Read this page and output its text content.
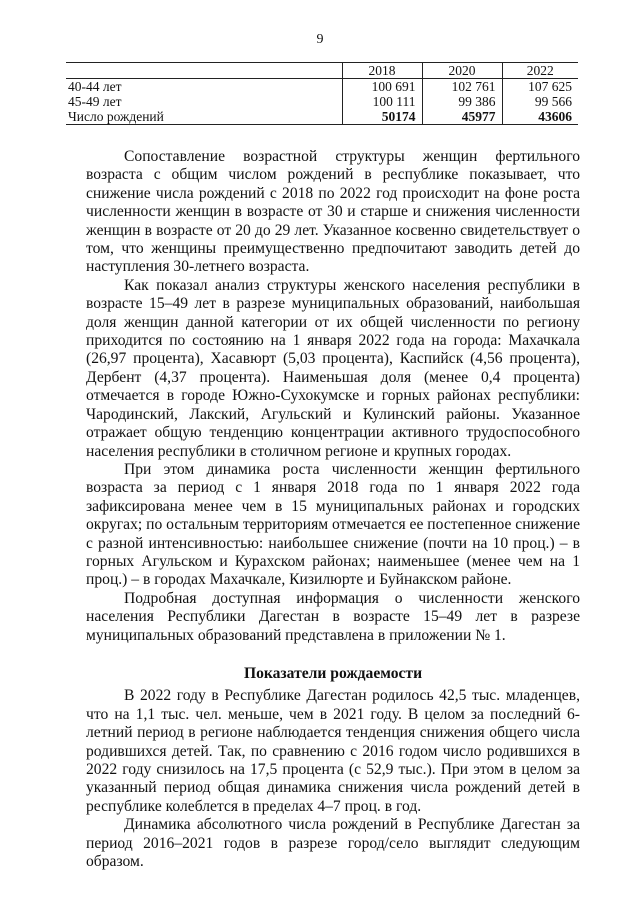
9
	2018	2020	2022
40-44 лет	100 691	102 761	107 625
45-49 лет	100 111	99 386	99 566
Число рождений	50174	45977	43606

Сопоставление возрастной структуры женщин фертильного возраста с общим числом рождений в республике показывает, что снижение числа рождений с 2018 по 2022 год происходит на фоне роста численности женщин в возрасте от 30 и старше и снижения численности женщин в возрасте от 20 до 29 лет. Указанное косвенно свидетельствует о том, что женщины преимущественно предпочитают заводить детей до наступления 30-летнего возраста.

Как показал анализ структуры женского населения республики в возрасте 15–49 лет в разрезе муниципальных образований, наибольшая доля женщин данной категории от их общей численности по региону приходится по состоянию на 1 января 2022 года на города: Махачкала (26,97 процента), Хасавюрт (5,03 процента), Каспийск (4,56 процента), Дербент (4,37 процента). Наименьшая доля (менее 0,4 процента) отмечается в городе Южно-Сухокумске и горных районах республики: Чародинский, Лакский, Агульский и Кулинский районы. Указанное отражает общую тенденцию концентрации активного трудоспособного населения республики в столичном регионе и крупных городах.

При этом динамика роста численности женщин фертильного возраста за период с 1 января 2018 года по 1 января 2022 года зафиксирована менее чем в 15 муниципальных районах и городских округах; по остальным территориям отмечается ее постепенное снижение с разной интенсивностью: наибольшее снижение (почти на 10 проц.) – в горных Агульском и Курахском районах; наименьшее (менее чем на 1 проц.) – в городах Махачкале, Кизилюрте и Буйнакском районе.

Подробная доступная информация о численности женского населения Республики Дагестан в возрасте 15–49 лет в разрезе муниципальных образований представлена в приложении № 1.

Показатели рождаемости

В 2022 году в Республике Дагестан родилось 42,5 тыс. младенцев, что на 1,1 тыс. чел. меньше, чем в 2021 году. В целом за последний 6-летний период в регионе наблюдается тенденция снижения общего числа родившихся детей. Так, по сравнению с 2016 годом число родившихся в 2022 году снизилось на 17,5 процента (с 52,9 тыс.). При этом в целом за указанный период общая динамика снижения числа рождений детей в республике колеблется в пределах 4–7 проц. в год.

Динамика абсолютного числа рождений в Республике Дагестан за период 2016–2021 годов в разрезе город/село выглядит следующим образом.
